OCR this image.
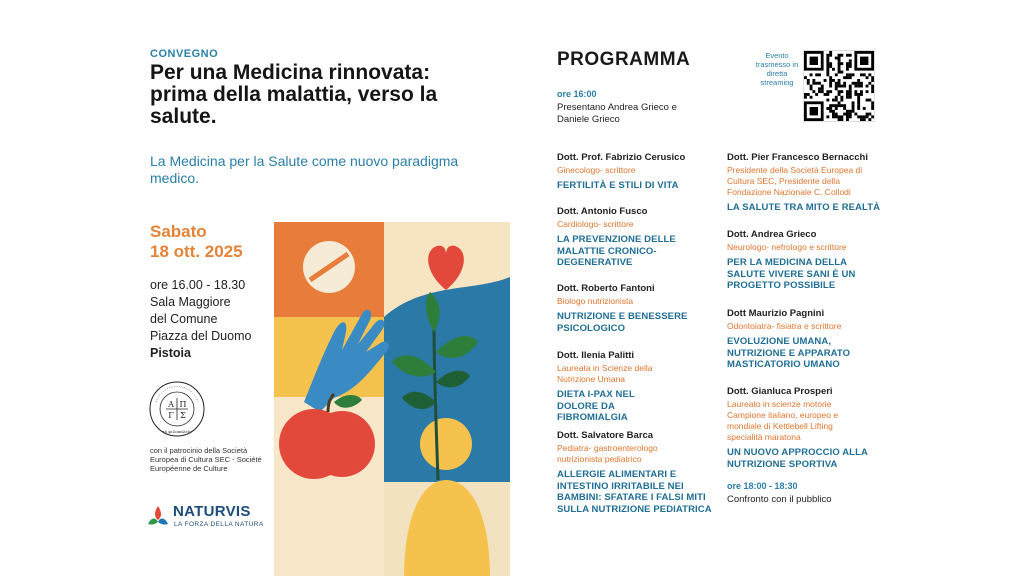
CONVEGNO
Per una Medicina rinnovata: prima della malattia, verso la salute.
La Medicina per la Salute come nuovo paradigma medico.
Sabato
18 ott. 2025
ore 16.00 - 18.30
Sala Maggiore
del Comune
Piazza del Duomo
Pistoia
Α Π
Γ Σ
τὸ φιλοκαλεῖν
con il patrocinio della Società Europea di Cultura SEC - Société Européenne de Culture
NATURVIS
LA FORZA DELLA NATURA
PROGRAMMA	Evento trasmesso in diretta streaming
ore 16:00
Presentano Andrea Grieco e Daniele Grieco
Dott. Prof. Fabrizio Cerusico
Ginecologo- scrittore
FERTILITÀ E STILI DI VITA
Dott. Antonio Fusco
Cardiologo- scrittore
LA PREVENZIONE DELLE MALATTIE CRONICO-DEGENERATIVE
Dott. Roberto Fantoni
Biologo nutrizionista
NUTRIZIONE E BENESSERE PSICOLOGICO
Dott. Ilenia Palitti
Laureata in Scienze della Nutrizione Umana
DIETA I-PAX NEL DOLORE DA FIBROMIALGIA
Dott. Salvatore Barca
Pediatra- gastroenterologo nutrizionista pediatrico
ALLERGIE ALIMENTARI E INTESTINO IRRITABILE NEI BAMBINI: SFATARE I FALSI MITI SULLA NUTRIZIONE PEDIATRICA
Dott. Pier Francesco Bernacchi
Presidente della Società Europea di Cultura SEC, Presidente della Fondazione Nazionale C. Collodi
LA SALUTE TRA MITO E REALTÀ
Dott. Andrea Grieco
Neurologo- nefrologo e scrittore
PER LA MEDICINA DELLA SALUTE VIVERE SANI È UN PROGETTO POSSIBILE
Dott Maurizio Pagnini
Odontoiatra- fisiatra e scrittore
EVOLUZIONE UMANA, NUTRIZIONE E APPARATO MASTICATORIO UMANO
Dott. Gianluca Prosperi
Laureato in scienze motorie Campione italiano, europeo e mondiale di Kettlebell Lifting specialità maratona
UN NUOVO APPROCCIO ALLA NUTRIZIONE SPORTIVA
ore 18:00 - 18:30
Confronto con il pubblico
